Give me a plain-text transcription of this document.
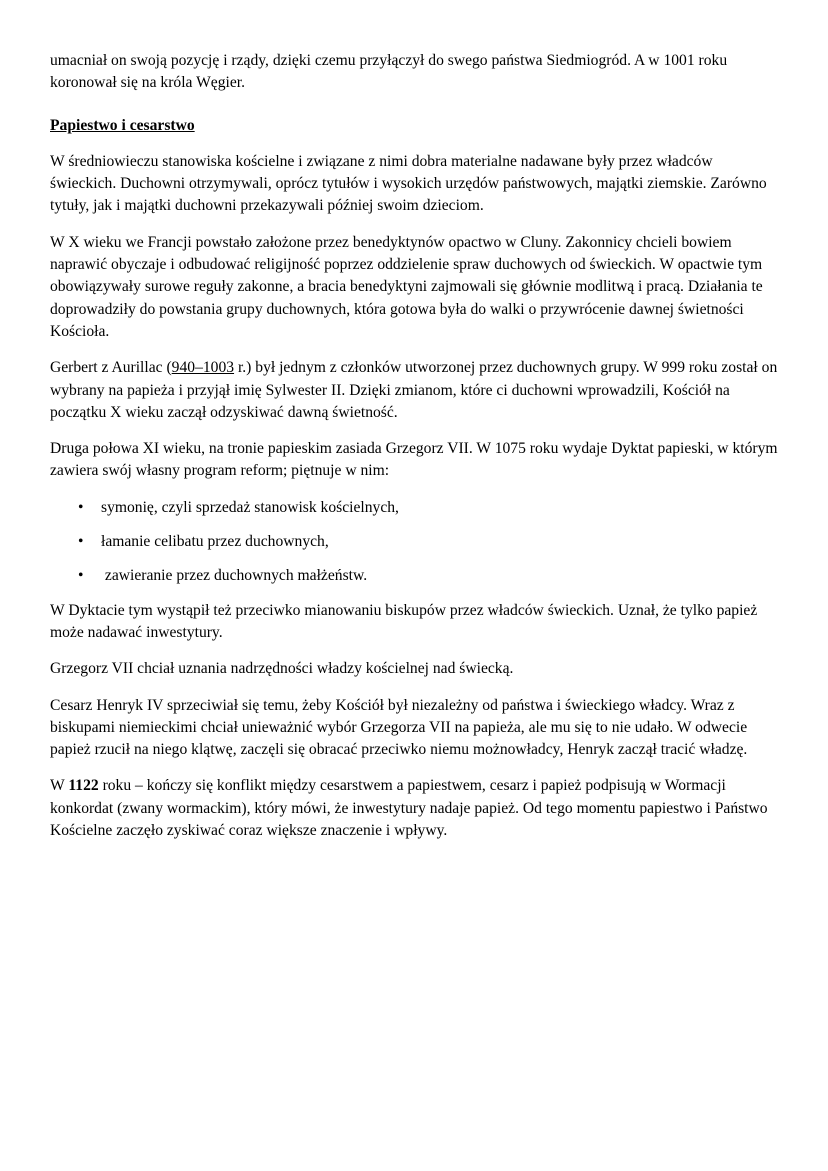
umacniał on swoją pozycję i rządy, dzięki czemu przyłączył do swego państwa Siedmiogród. A w 1001 roku koronował się na króla Węgier.

Papiestwo i cesarstwo

W średniowieczu stanowiska kościelne i związane z nimi dobra materialne nadawane były przez władców świeckich. Duchowni otrzymywali, oprócz tytułów i wysokich urzędów państwowych, majątki ziemskie. Zarówno tytuły, jak i majątki duchowni przekazywali później swoim dzieciom.

W X wieku we Francji powstało założone przez benedyktynów opactwo w Cluny. Zakonnicy chcieli bowiem naprawić obyczaje i odbudować religijność poprzez oddzielenie spraw duchowych od świeckich. W opactwie tym obowiązywały surowe reguły zakonne, a bracia benedyktyni zajmowali się głównie modlitwą i pracą. Działania te doprowadziły do powstania grupy duchownych, która gotowa była do walki o przywrócenie dawnej świetności Kościoła.

Gerbert z Aurillac (940–1003 r.) był jednym z członków utworzonej przez duchownych grupy. W 999 roku został on wybrany na papieża i przyjął imię Sylwester II. Dzięki zmianom, które ci duchowni wprowadzili, Kościół na początku X wieku zaczął odzyskiwać dawną świetność.

Druga połowa XI wieku, na tronie papieskim zasiada Grzegorz VII. W 1075 roku wydaje Dyktat papieski, w którym zawiera swój własny program reform; piętnuje w nim:

• symonię, czyli sprzedaż stanowisk kościelnych,
• łamanie celibatu przez duchownych,
• zawieranie przez duchownych małżeństw.

W Dyktacie tym wystąpił też przeciwko mianowaniu biskupów przez władców świeckich. Uznał, że tylko papież może nadawać inwestytury.

Grzegorz VII chciał uznania nadrzędności władzy kościelnej nad świecką.

Cesarz Henryk IV sprzeciwiał się temu, żeby Kościół był niezależny od państwa i świeckiego władcy. Wraz z biskupami niemieckimi chciał unieważnić wybór Grzegorza VII na papieża, ale mu się to nie udało. W odwecie papież rzucił na niego klątwę, zaczęli się obracać przeciwko niemu możnowładcy, Henryk zaczął tracić władzę.

W 1122 roku – kończy się konflikt między cesarstwem a papiestwem, cesarz i papież podpisują w Wormacji konkordat (zwany wormackim), który mówi, że inwestytury nadaje papież. Od tego momentu papiestwo i Państwo Kościelne zaczęło zyskiwać coraz większe znaczenie i wpływy.
